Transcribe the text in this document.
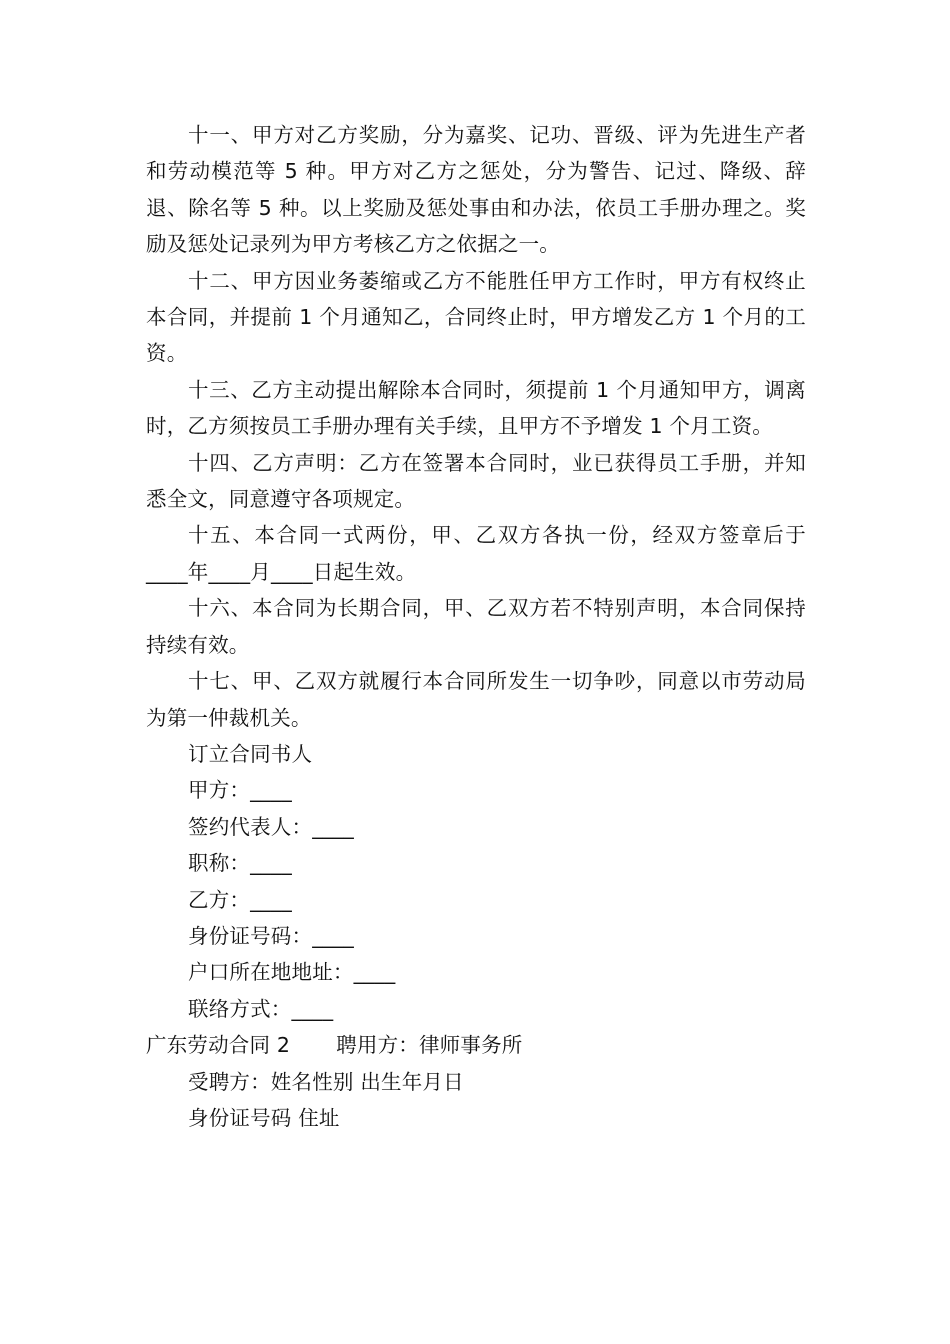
十一、甲方对乙方奖励，分为嘉奖、记功、晋级、评为先进生产者和劳动模范等 5 种。甲方对乙方之惩处，分为警告、记过、降级、辞退、除名等 5 种。以上奖励及惩处事由和办法，依员工手册办理之。奖励及惩处记录列为甲方考核乙方之依据之一。

十二、甲方因业务萎缩或乙方不能胜任甲方工作时，甲方有权终止本合同，并提前 1 个月通知乙，合同终止时，甲方增发乙方 1 个月的工资。

十三、乙方主动提出解除本合同时，须提前 1 个月通知甲方，调离时，乙方须按员工手册办理有关手续，且甲方不予增发 1 个月工资。

十四、乙方声明：乙方在签署本合同时，业已获得员工手册，并知悉全文，同意遵守各项规定。

十五、本合同一式两份，甲、乙双方各执一份，经双方签章后于____年____月____日起生效。

十六、本合同为长期合同，甲、乙双方若不特别声明，本合同保持持续有效。

十七、甲、乙双方就履行本合同所发生一切争吵，同意以市劳动局为第一仲裁机关。

订立合同书人

甲方：____

签约代表人：____

职称：____

乙方：____

身份证号码：____

户口所在地地址：____

联络方式：____

广东劳动合同 2 聘用方：律师事务所

受聘方：姓名性别 出生年月日

身份证号码 住址
